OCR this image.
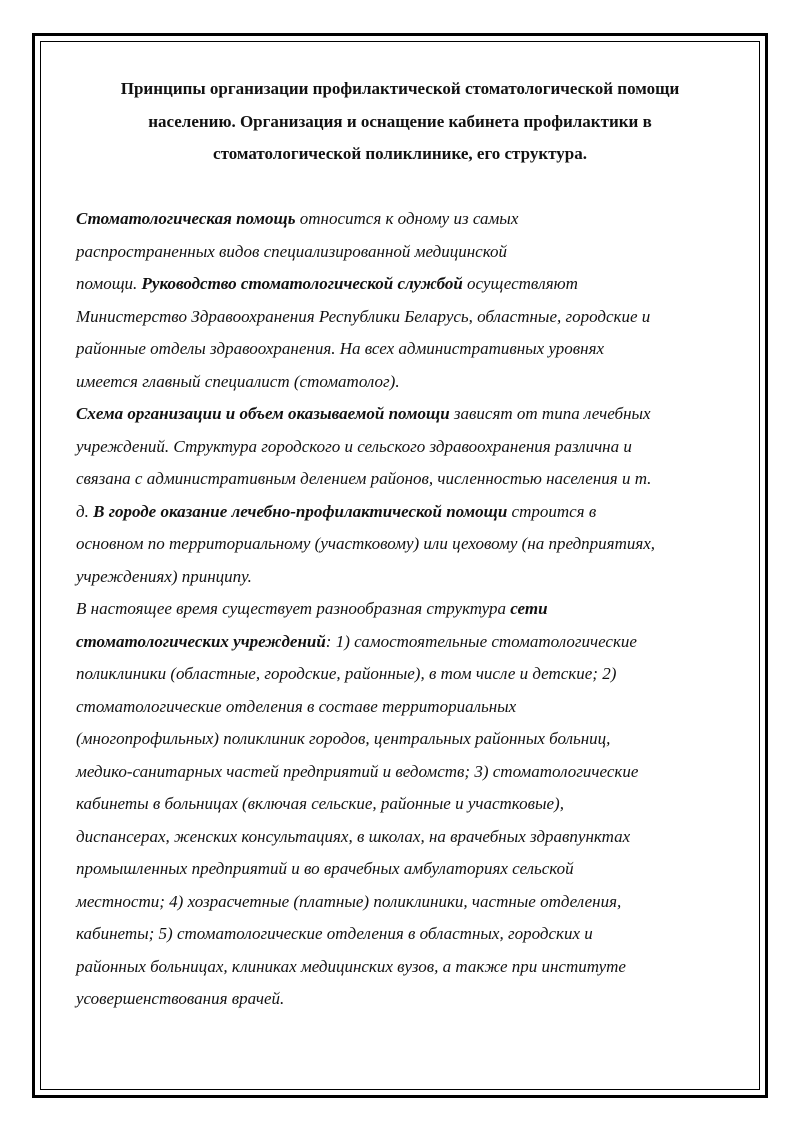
Принципы организации профилактической стоматологической помощи
населению. Организация и оснащение кабинета профилактики в
стоматологической поликлинике, его структура.
Стоматологическая помощь относится к одному из самых
распространенных видов специализированной медицинской
помощи. Руководство стоматологической службой осуществляют
Министерство Здравоохранения Республики Беларусь, областные, городские и
районные отделы здравоохранения. На всех административных уровнях
имеется главный специалист (стоматолог).
Схема организации и объем оказываемой помощи зависят от типа лечебных
учреждений. Структура городского и сельского здравоохранения различна и
связана с административным делением районов, численностью населения и т.
д. В городе оказание лечебно-профилактической помощи строится в
основном по территориальному (участковому) или цеховому (на предприятиях,
учреждениях) принципу.
В настоящее время существует разнообразная структура сети
стоматологических учреждений: 1) самостоятельные стоматологические
поликлиники (областные, городские, районные), в том числе и детские; 2)
стоматологические отделения в составе территориальных
(многопрофильных) поликлиник городов, центральных районных больниц,
медико-санитарных частей предприятий и ведомств; 3) стоматологические
кабинеты в больницах (включая сельские, районные и участковые),
диспансерах, женских консультациях, в школах, на врачебных здравпунктах
промышленных предприятий и во врачебных амбулаториях сельской
местности; 4) хозрасчетные (платные) поликлиники, частные отделения,
кабинеты; 5) стоматологические отделения в областных, городских и
районных больницах, клиниках медицинских вузов, а также при институте
усовершенствования врачей.
